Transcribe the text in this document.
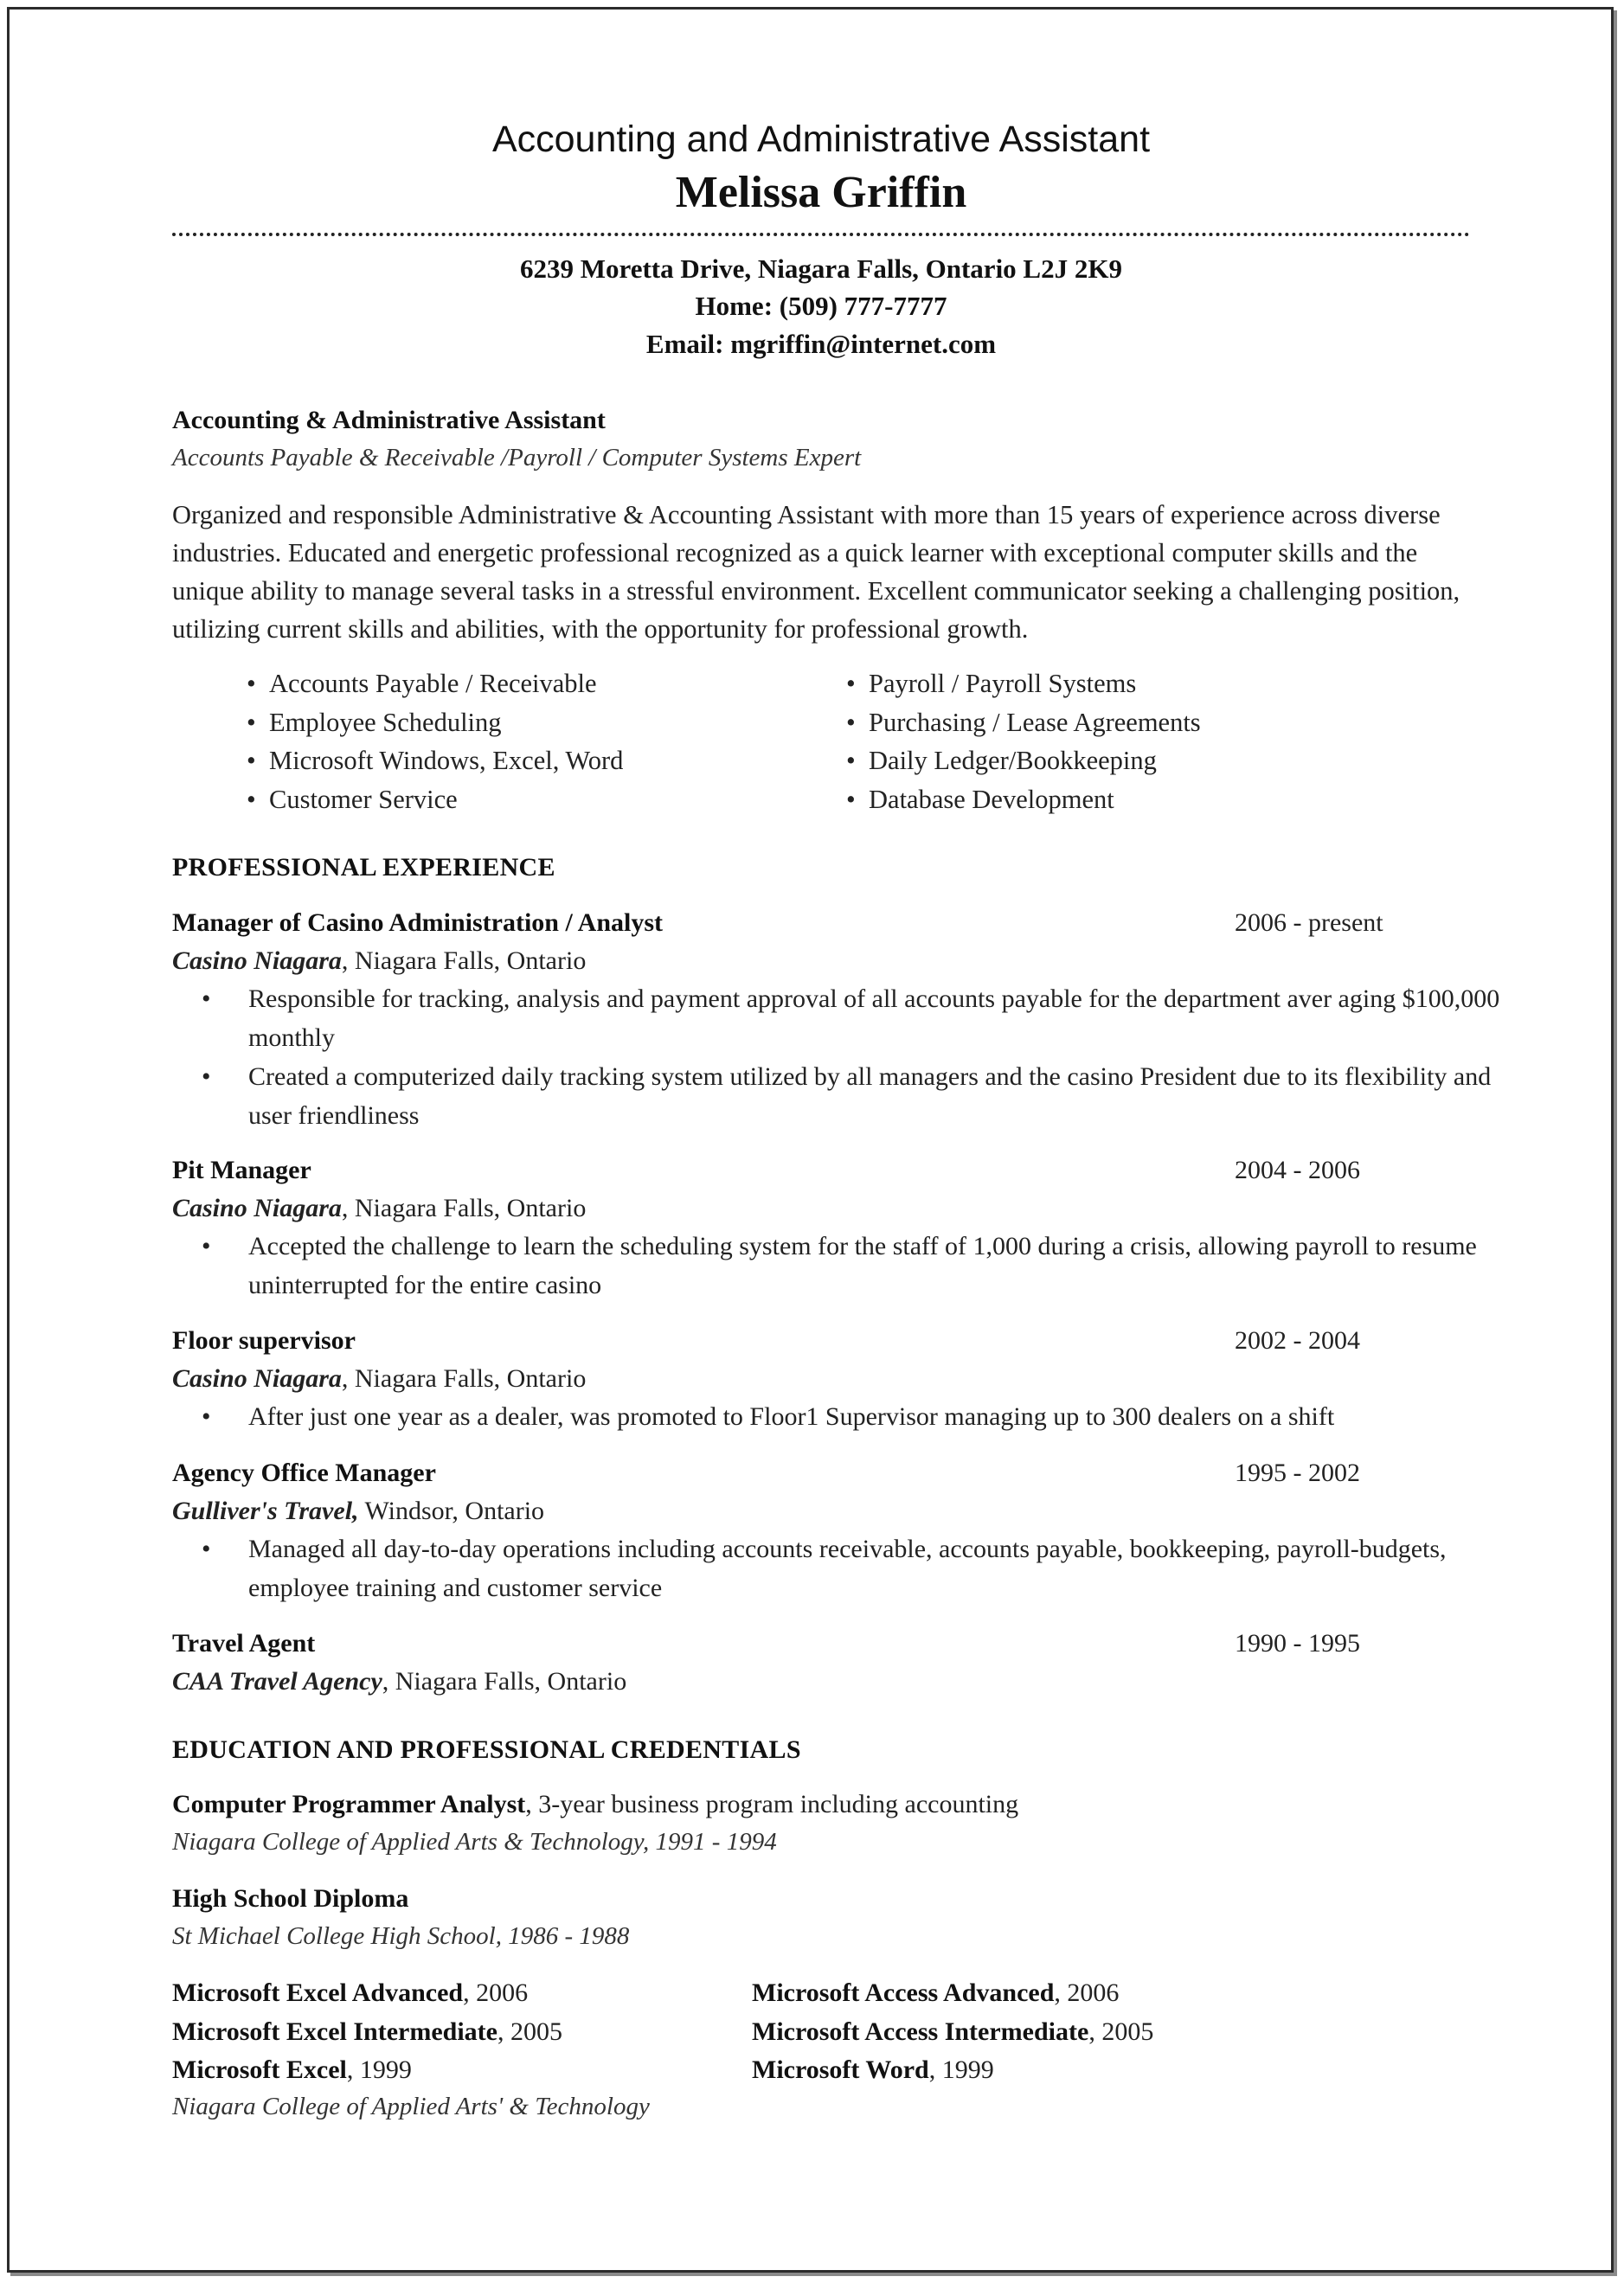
Accounting and Administrative Assistant
Melissa Griffin
6239 Moretta Drive, Niagara Falls, Ontario L2J 2K9
Home: (509) 777-7777
Email: mgriffin@internet.com
Accounting & Administrative Assistant
Accounts Payable & Receivable /Payroll / Computer Systems Expert
Organized and responsible Administrative & Accounting Assistant with more than 15 years of experience across diverse industries. Educated and energetic professional recognized as a quick learner with exceptional computer skills and the unique ability to manage several tasks in a stressful environment. Excellent communicator seeking a challenging position, utilizing current skills and abilities, with the opportunity for professional growth.
• Accounts Payable / Receivable
• Employee Scheduling
• Microsoft Windows, Excel, Word
• Customer Service
• Payroll / Payroll Systems
• Purchasing / Lease Agreements
• Daily Ledger/Bookkeeping
• Database Development
PROFESSIONAL EXPERIENCE
Manager of Casino Administration / Analyst	2006 - present
Casino Niagara, Niagara Falls, Ontario
• Responsible for tracking, analysis and payment approval of all accounts payable for the department aver aging $100,000 monthly
• Created a computerized daily tracking system utilized by all managers and the casino President due to its flexibility and user friendliness
Pit Manager	2004 - 2006
Casino Niagara, Niagara Falls, Ontario
• Accepted the challenge to learn the scheduling system for the staff of 1,000 during a crisis, allowing payroll to resume uninterrupted for the entire casino
Floor supervisor	2002 - 2004
Casino Niagara, Niagara Falls, Ontario
• After just one year as a dealer, was promoted to Floor1 Supervisor managing up to 300 dealers on a shift
Agency Office Manager	1995 - 2002
Gulliver's Travel, Windsor, Ontario
• Managed all day-to-day operations including accounts receivable, accounts payable, bookkeeping, payroll-budgets, employee training and customer service
Travel Agent	1990 - 1995
CAA Travel Agency, Niagara Falls, Ontario
EDUCATION AND PROFESSIONAL CREDENTIALS
Computer Programmer Analyst, 3-year business program including accounting
Niagara College of Applied Arts & Technology, 1991 - 1994
High School Diploma
St Michael College High School, 1986 - 1988
Microsoft Excel Advanced, 2006
Microsoft Excel Intermediate, 2005
Microsoft Excel, 1999
Microsoft Access Advanced, 2006
Microsoft Access Intermediate, 2005
Microsoft Word, 1999
Niagara College of Applied Arts' & Technology
